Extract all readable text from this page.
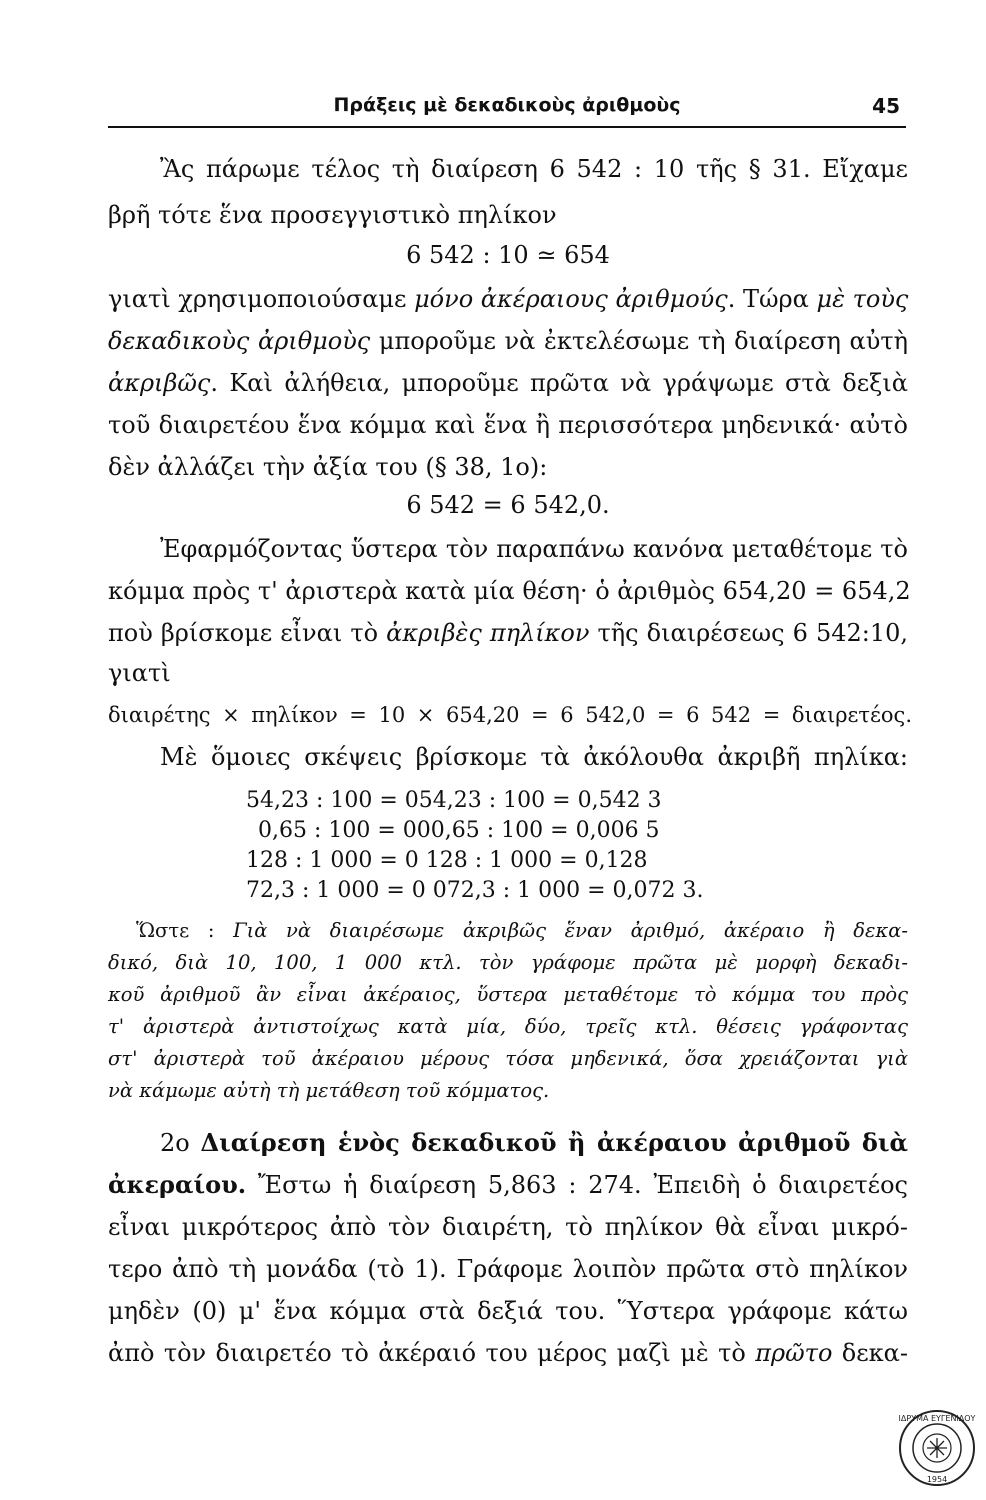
Πράξεις μὲ δεκαδικοὺς ἀριθμοὺς	45
Ἂς πάρωμε τέλος τὴ διαίρεση 6 542 : 10 τῆς § 31. Εἴχαμε
βρῆ τότε ἕνα προσεγγιστικὸ πηλίκον
6 542 : 10 ≃ 654
γιατὶ χρησιμοποιούσαμε μόνο ἀκέραιους ἀριθμούς. Τώρα μὲ τοὺς
δεκαδικοὺς ἀριθμοὺς μποροῦμε νὰ ἐκτελέσωμε τὴ διαίρεση αὐτὴ
ἀκριβῶς. Καὶ ἀλήθεια, μποροῦμε πρῶτα νὰ γράψωμε στὰ δεξιὰ
τοῦ διαιρετέου ἕνα κόμμα καὶ ἕνα ἢ περισσότερα μηδενικά· αὐτὸ
δὲν ἀλλάζει τὴν ἀξία του (§ 38, 1ο):
6 542 = 6 542,0.
Ἐφαρμόζοντας ὕστερα τὸν παραπάνω κανόνα μεταθέτομε τὸ
κόμμα πρὸς τ' ἀριστερὰ κατὰ μία θέση· ὁ ἀριθμὸς 654,20 = 654,2
ποὺ βρίσκομε εἶναι τὸ ἀκριβὲς πηλίκον τῆς διαιρέσεως 6 542:10,
γιατὶ
διαιρέτης × πηλίκον = 10 × 654,20 = 6 542,0 = 6 542 = διαιρετέος.
Μὲ ὅμοιες σκέψεις βρίσκομε τὰ ἀκόλουθα ἀκριβῆ πηλίκα:
54,23 : 100 = 054,23 : 100 = 0,542 3
0,65 : 100 = 000,65 : 100 = 0,006 5
128 : 1 000 = 0 128 : 1 000 = 0,128
72,3 : 1 000 = 0 072,3 : 1 000 = 0,072 3.
Ὥστε : Γιὰ νὰ διαιρέσωμε ἀκριβῶς ἕναν ἀριθμό, ἀκέραιο ἢ δεκα-
δικό, διὰ 10, 100, 1 000 κτλ. τὸν γράφομε πρῶτα μὲ μορφὴ δεκαδι-
κοῦ ἀριθμοῦ ἂν εἶναι ἀκέραιος, ὕστερα μεταθέτομε τὸ κόμμα του πρὸς
τ' ἀριστερὰ ἀντιστοίχως κατὰ μία, δύο, τρεῖς κτλ. θέσεις γράφοντας
στ' ἀριστερὰ τοῦ ἀκέραιου μέρους τόσα μηδενικά, ὅσα χρειάζονται γιὰ
νὰ κάμωμε αὐτὴ τὴ μετάθεση τοῦ κόμματος.
2ο Διαίρεση ἑνὸς δεκαδικοῦ ἢ ἀκέραιου ἀριθμοῦ διὰ
ἀκεραίου. Ἔστω ἡ διαίρεση 5,863 : 274. Ἐπειδὴ ὁ διαιρετέος
εἶναι μικρότερος ἀπὸ τὸν διαιρέτη, τὸ πηλίκον θὰ εἶναι μικρό-
τερο ἀπὸ τὴ μονάδα (τὸ 1). Γράφομε λοιπὸν πρῶτα στὸ πηλίκον
μηδὲν (0) μ' ἕνα κόμμα στὰ δεξιά του. Ὕστερα γράφομε κάτω
ἀπὸ τὸν διαιρετέο τὸ ἀκέραιό του μέρος μαζὶ μὲ τὸ πρῶτο δεκα-
ΙΔΡΥΜΑ ΕΥΓΕΝΙΔΟΥ
1954
